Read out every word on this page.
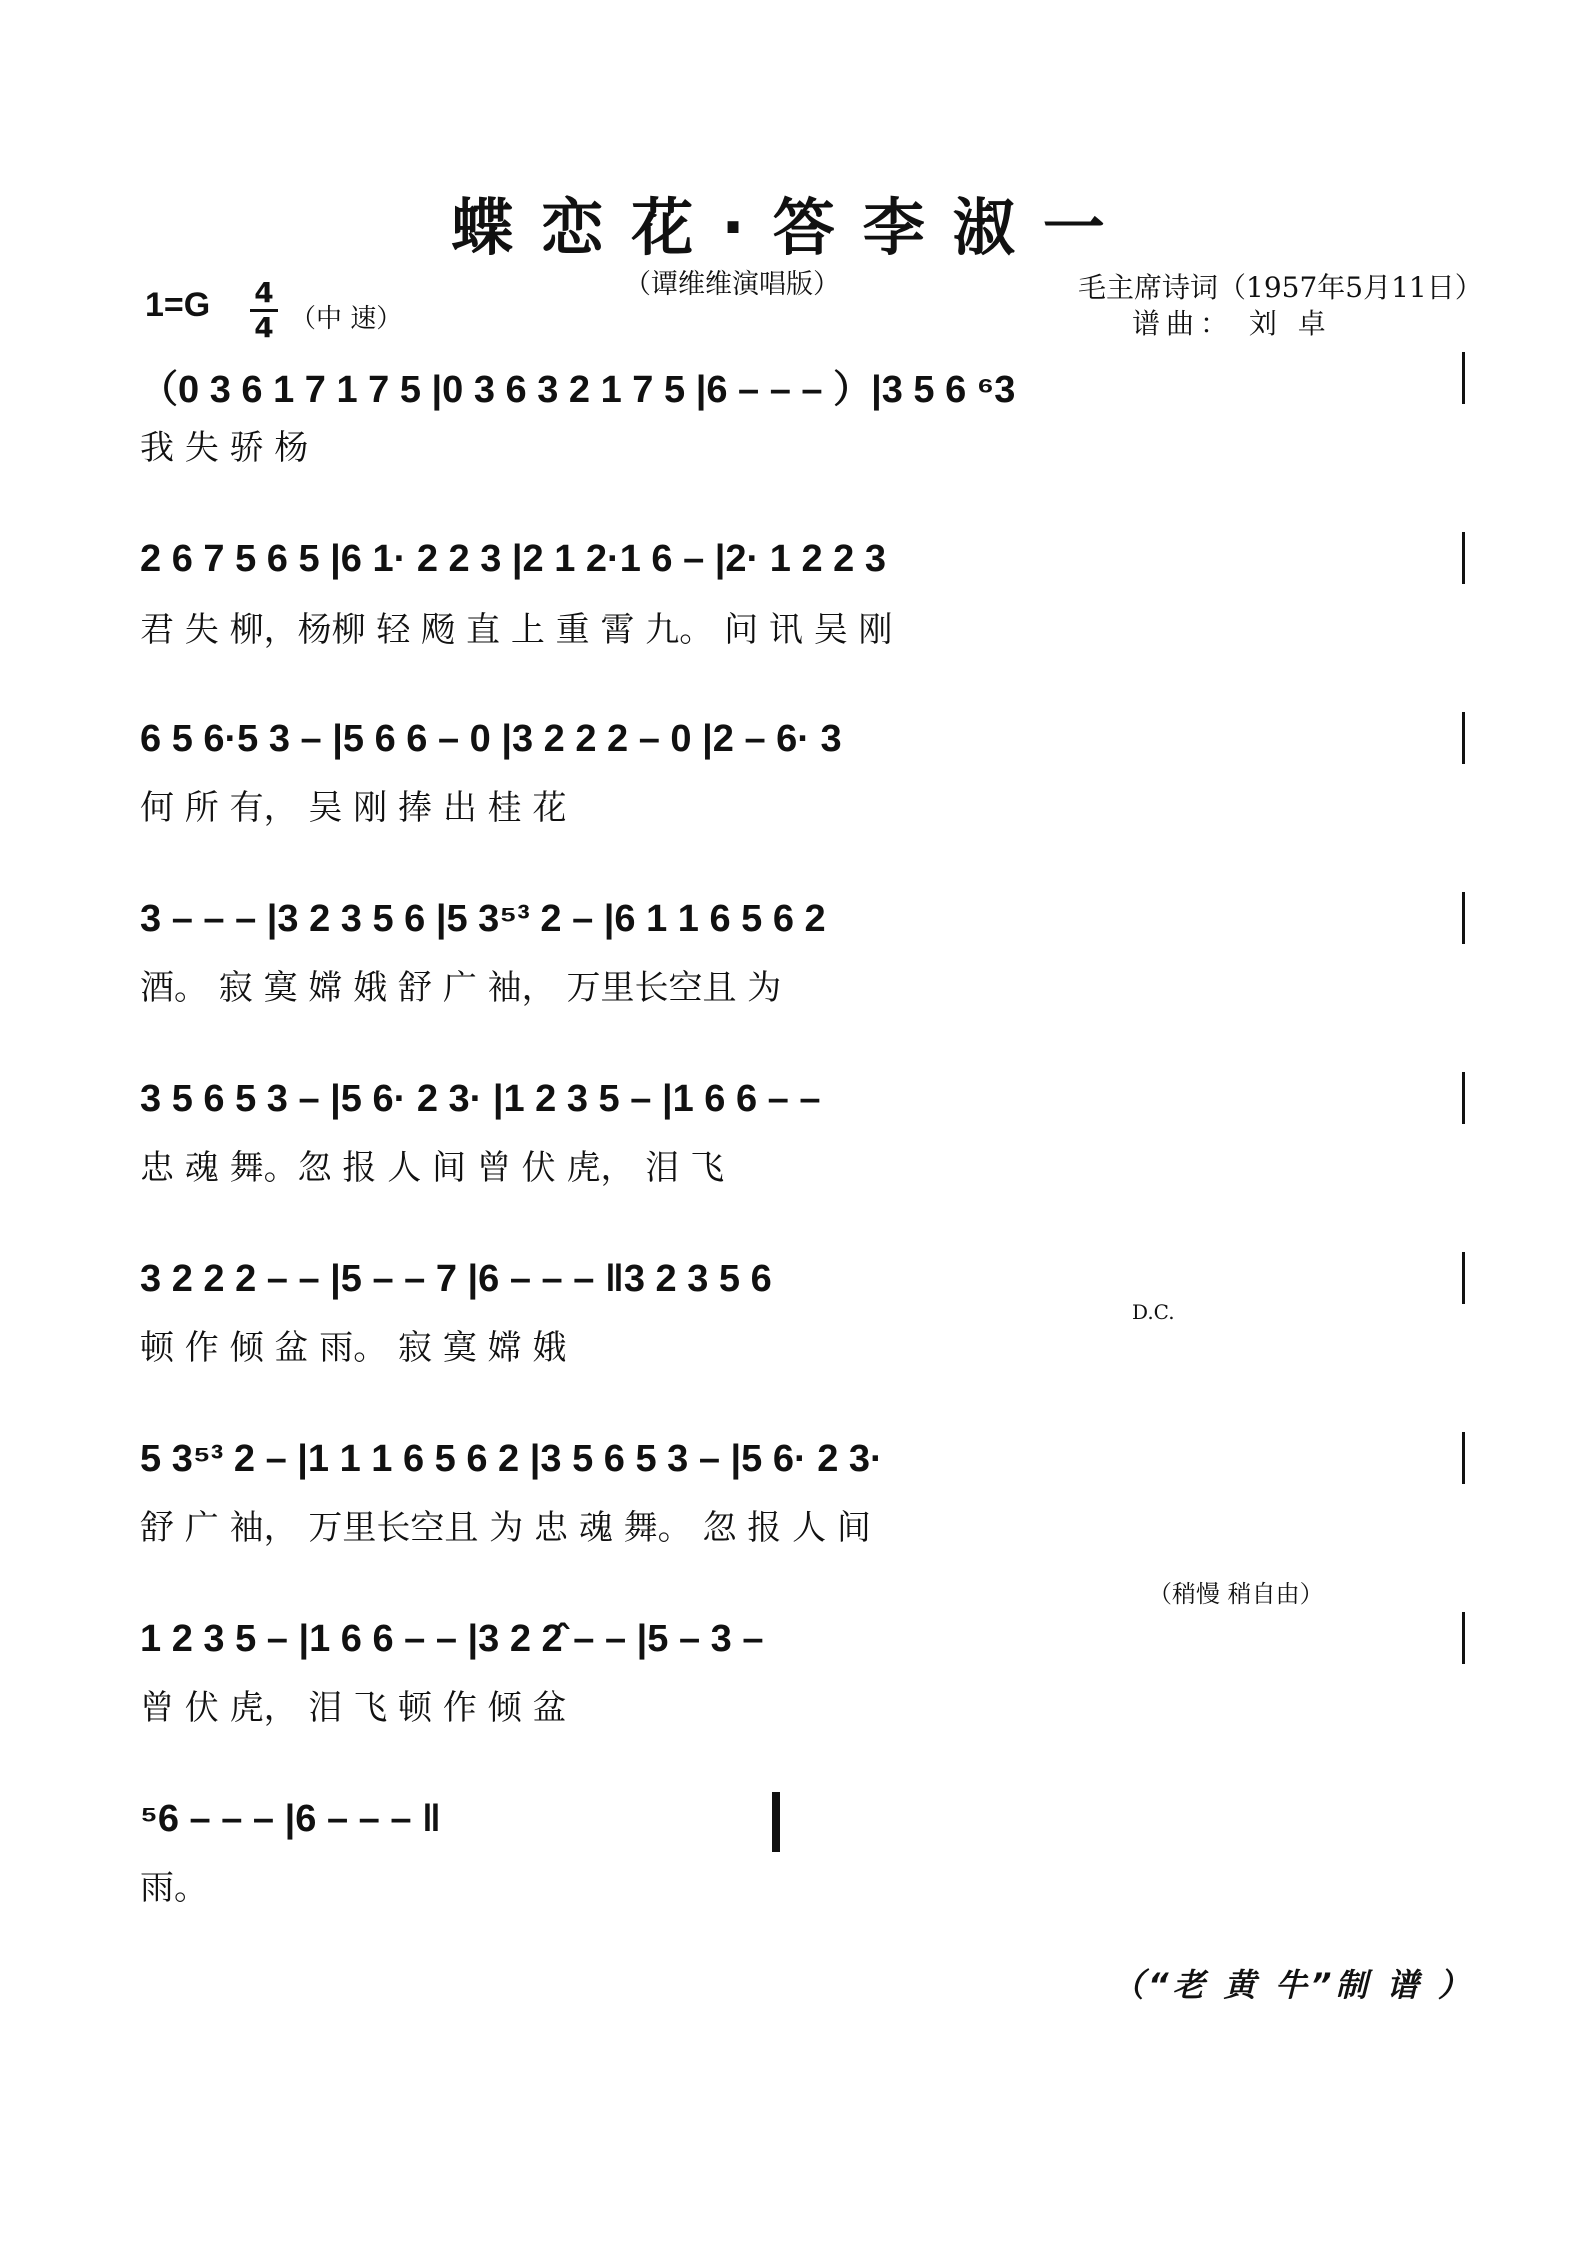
蝶恋花·答李淑一
（谭维维演唱版）	毛主席诗词（1957年5月11日）
谱曲： 刘 卓
1=G 4
4 （中 速）
（0 3 6 1 7 1 7 5 |0 3 6 3 2 1 7 5 |6 – – – ）|3 5 6 ⁶3
我 失 骄 杨
2 6 7 5 6 5 |6 1· 2 2 3 |2 1 2·1 6 – |2· 1 2 2 3
君 失 柳，杨柳 轻 飏 直 上 重 霄 九。 问 讯 吴 刚
6 5 6·5 3 – |5 6 6 – 0 |3 2 2 2 – 0 |2 – 6· 3
何 所 有， 吴 刚 捧 出 桂 花
3 – – – |3 2 3 5 6 |5 3⁵³ 2 – |6 1 1 6 5 6 2
酒。 寂 寞 嫦 娥 舒 广 袖， 万里长空且 为
3 5 6 5 3 – |5 6· 2 3· |1 2 3 5 – |1 6 6 – –
忠 魂 舞。忽 报 人 间 曾 伏 虎， 泪 飞
3 2 2 2 – – |5 – – 7 |6 – – – ‖3 2 3 5 6
顿 作 倾 盆 雨。 寂 寞 嫦 娥
D.C.
5 3⁵³ 2 – |1 1 1 6 5 6 2 |3 5 6 5 3 – |5 6· 2 3·
舒 广 袖， 万里长空且 为 忠 魂 舞。 忽 报 人 间
（稍慢 稍自由）
1 2 3 5 – |1 6 6 – – |3 2 2̂ – – |5 – 3 –
曾 伏 虎， 泪 飞 顿 作 倾 盆
⁵6 – – – |6 – – – ‖
雨。
（“老 黄 牛”制 谱 ）
